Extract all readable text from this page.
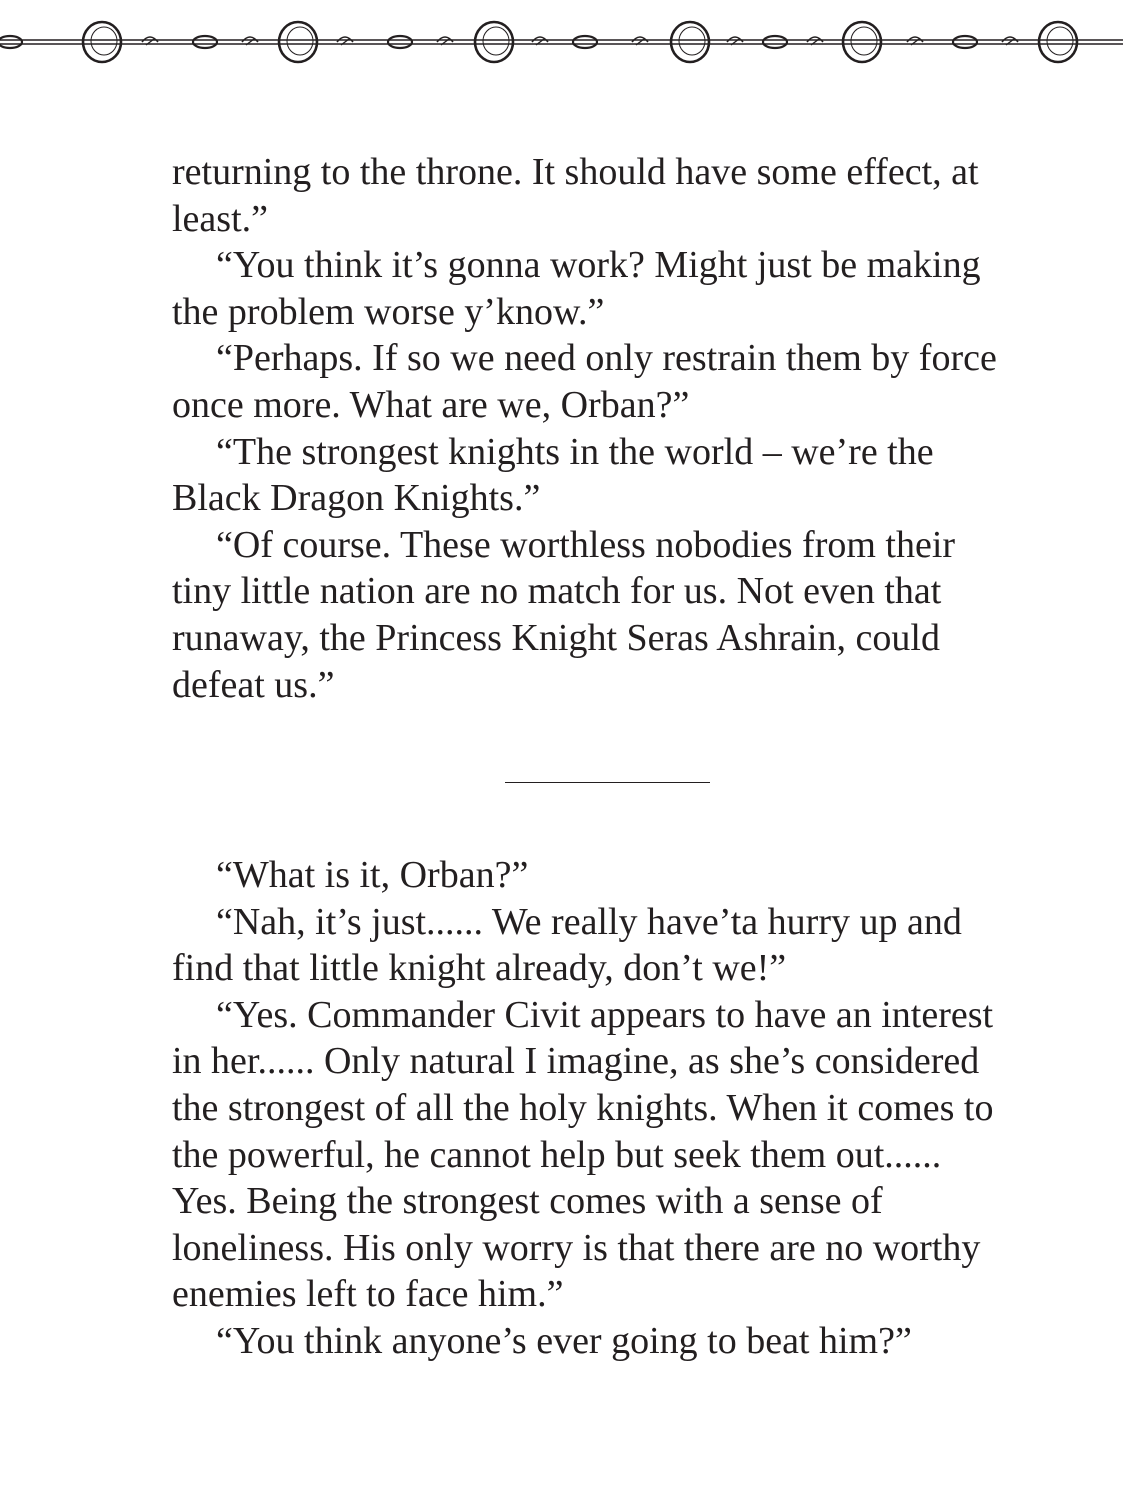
returning to the throne. It should have some effect, at least.”

“You think it’s gonna work? Might just be making the problem worse y’know.”

“Perhaps. If so we need only restrain them by force once more. What are we, Orban?”

“The strongest knights in the world – we’re the Black Dragon Knights.”

“Of course. These worthless nobodies from their tiny little nation are no match for us. Not even that runaway, the Princess Knight Seras Ashrain, could defeat us.”

“What is it, Orban?”

“Nah, it’s just...... We really have’ta hurry up and find that little knight already, don’t we!”

“Yes. Commander Civit appears to have an interest in her...... Only natural I imagine, as she’s considered the strongest of all the holy knights. When it comes to the powerful, he cannot help but seek them out...... Yes. Being the strongest comes with a sense of loneliness. His only worry is that there are no worthy enemies left to face him.”

“You think anyone’s ever going to beat him?”
